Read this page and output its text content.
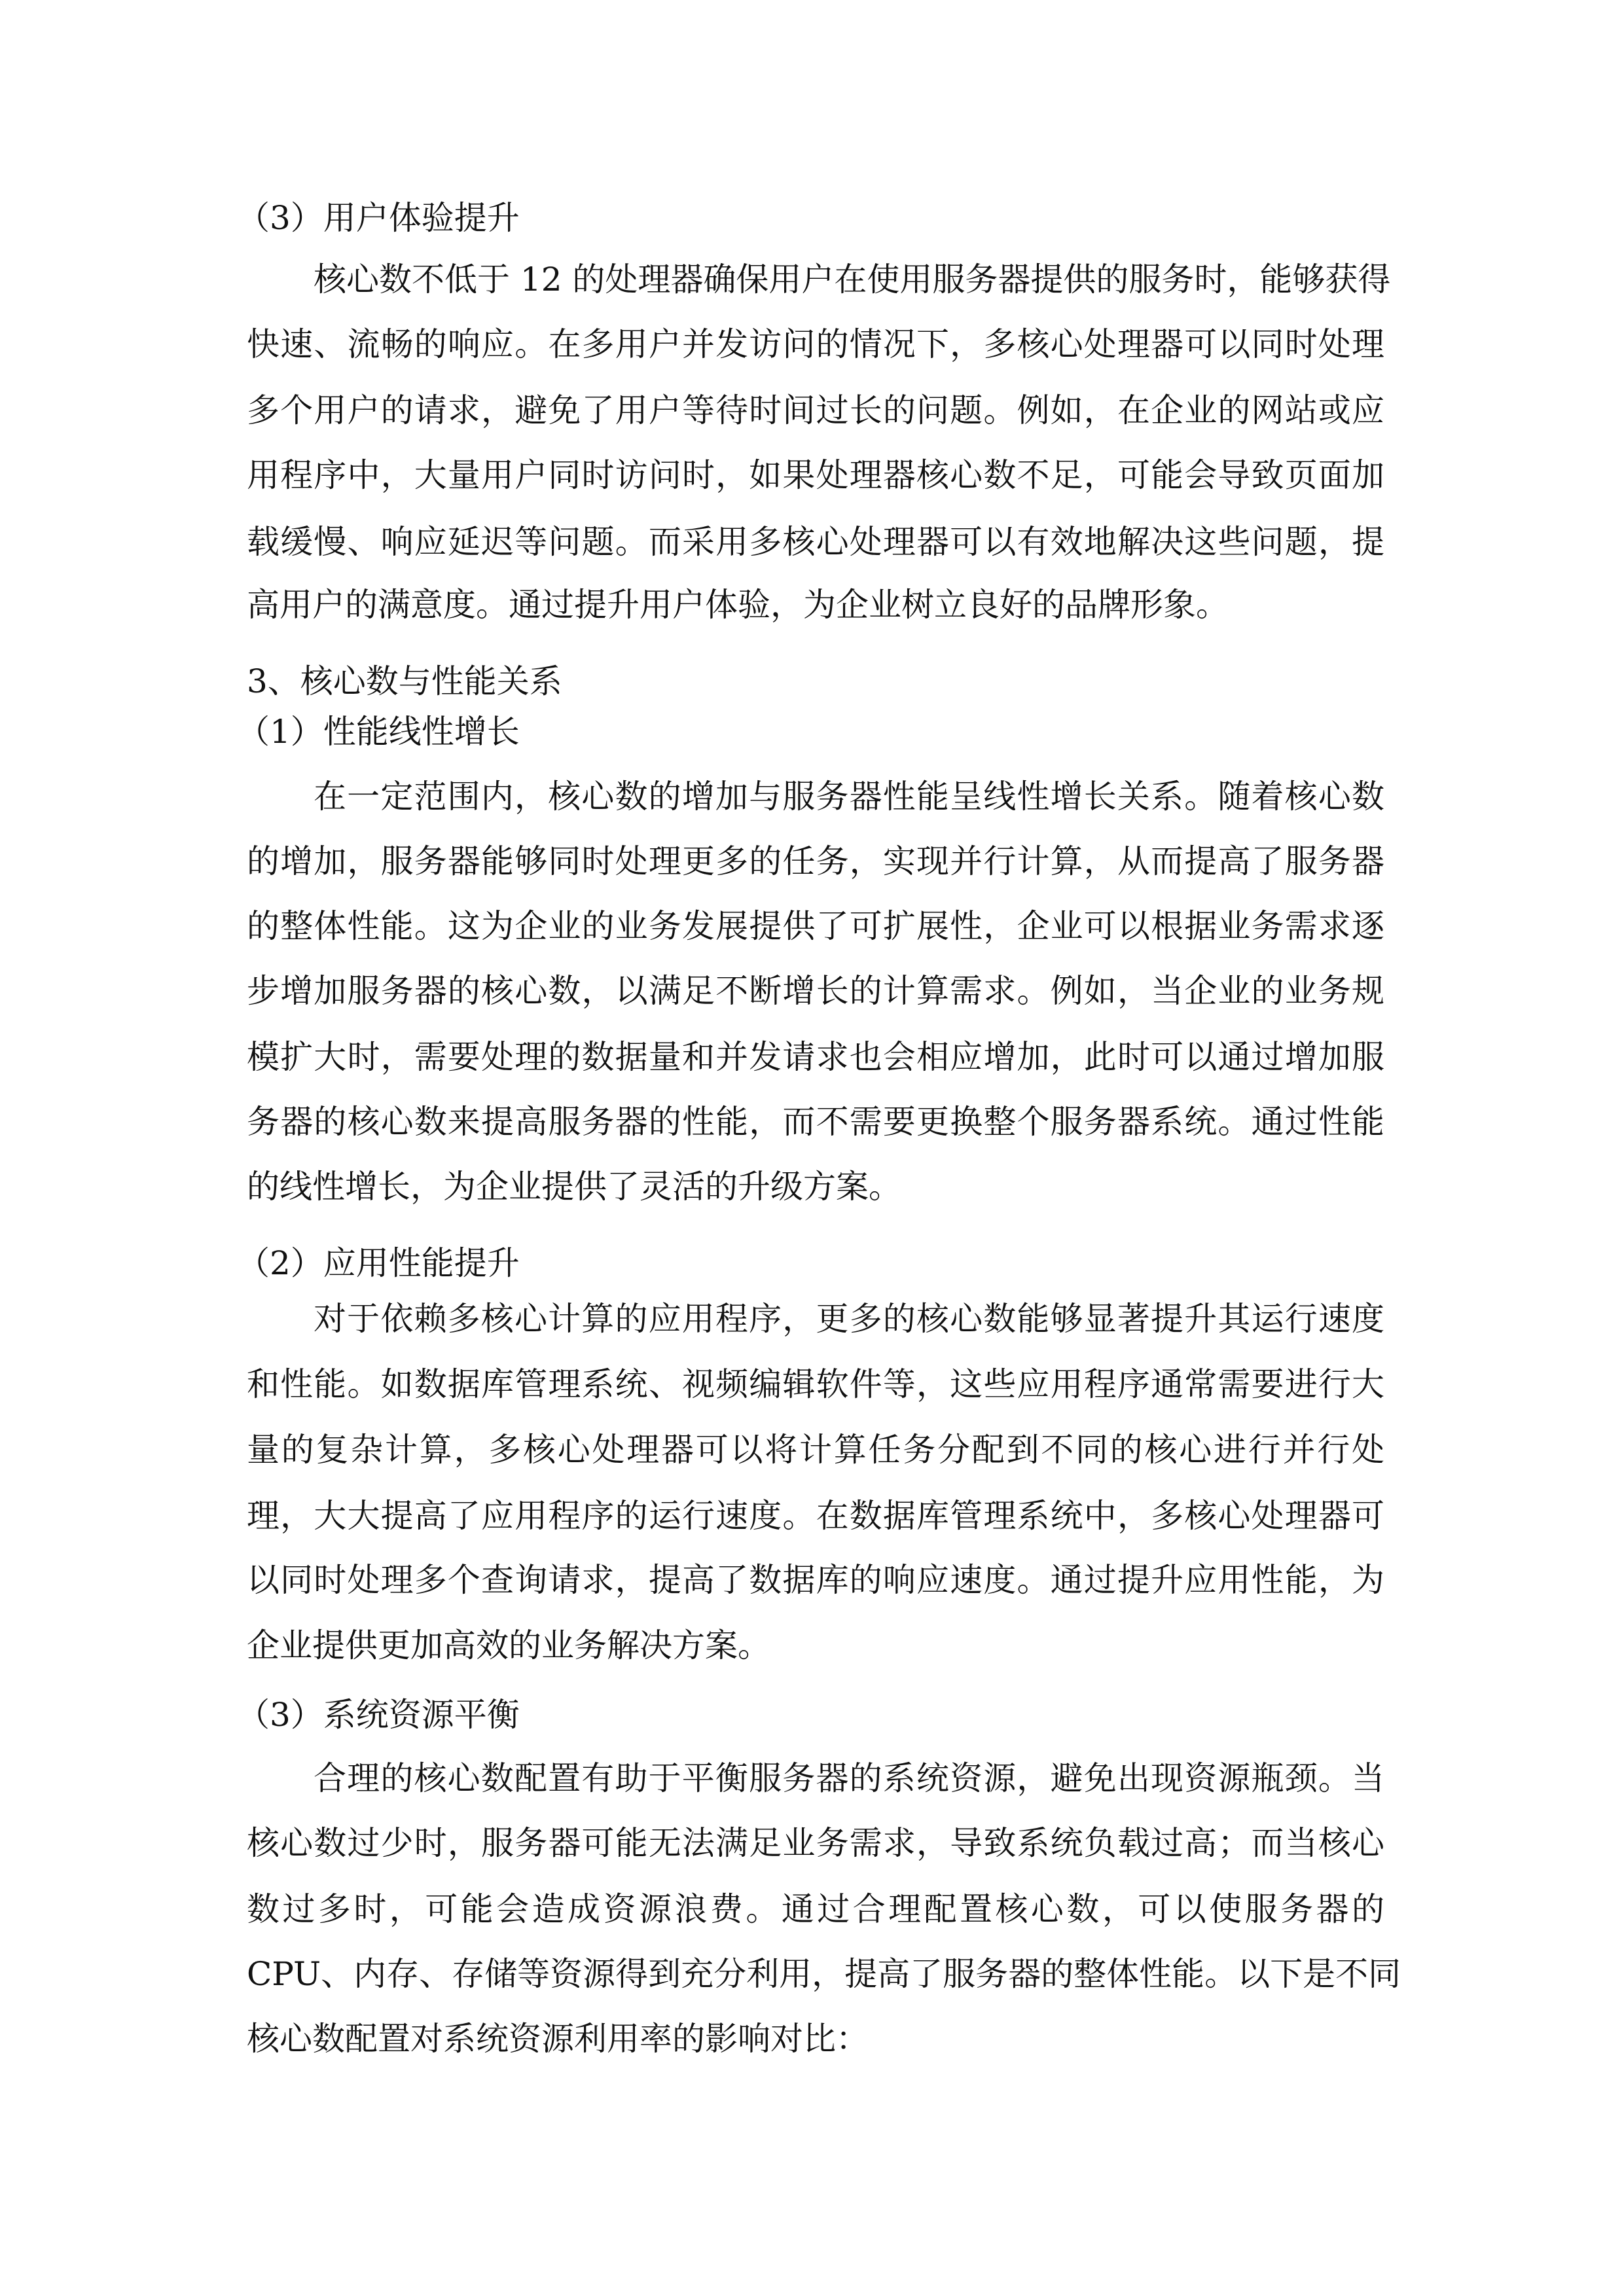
（3）用户体验提升
核心数不低于 12 的处理器确保用户在使用服务器提供的服务时，能够获得
快速、流畅的响应。在多用户并发访问的情况下，多核心处理器可以同时处理
多个用户的请求，避免了用户等待时间过长的问题。例如，在企业的网站或应
用程序中，大量用户同时访问时，如果处理器核心数不足，可能会导致页面加
载缓慢、响应延迟等问题。而采用多核心处理器可以有效地解决这些问题，提
高用户的满意度。通过提升用户体验，为企业树立良好的品牌形象。
3、核心数与性能关系
（1）性能线性增长
在一定范围内，核心数的增加与服务器性能呈线性增长关系。随着核心数
的增加，服务器能够同时处理更多的任务，实现并行计算，从而提高了服务器
的整体性能。这为企业的业务发展提供了可扩展性，企业可以根据业务需求逐
步增加服务器的核心数，以满足不断增长的计算需求。例如，当企业的业务规
模扩大时，需要处理的数据量和并发请求也会相应增加，此时可以通过增加服
务器的核心数来提高服务器的性能，而不需要更换整个服务器系统。通过性能
的线性增长，为企业提供了灵活的升级方案。
（2）应用性能提升
对于依赖多核心计算的应用程序，更多的核心数能够显著提升其运行速度
和性能。如数据库管理系统、视频编辑软件等，这些应用程序通常需要进行大
量的复杂计算，多核心处理器可以将计算任务分配到不同的核心进行并行处
理，大大提高了应用程序的运行速度。在数据库管理系统中，多核心处理器可
以同时处理多个查询请求，提高了数据库的响应速度。通过提升应用性能，为
企业提供更加高效的业务解决方案。
（3）系统资源平衡
合理的核心数配置有助于平衡服务器的系统资源，避免出现资源瓶颈。当
核心数过少时，服务器可能无法满足业务需求，导致系统负载过高；而当核心
数过多时，可能会造成资源浪费。通过合理配置核心数，可以使服务器的
CPU、内存、存储等资源得到充分利用，提高了服务器的整体性能。以下是不同
核心数配置对系统资源利用率的影响对比：
